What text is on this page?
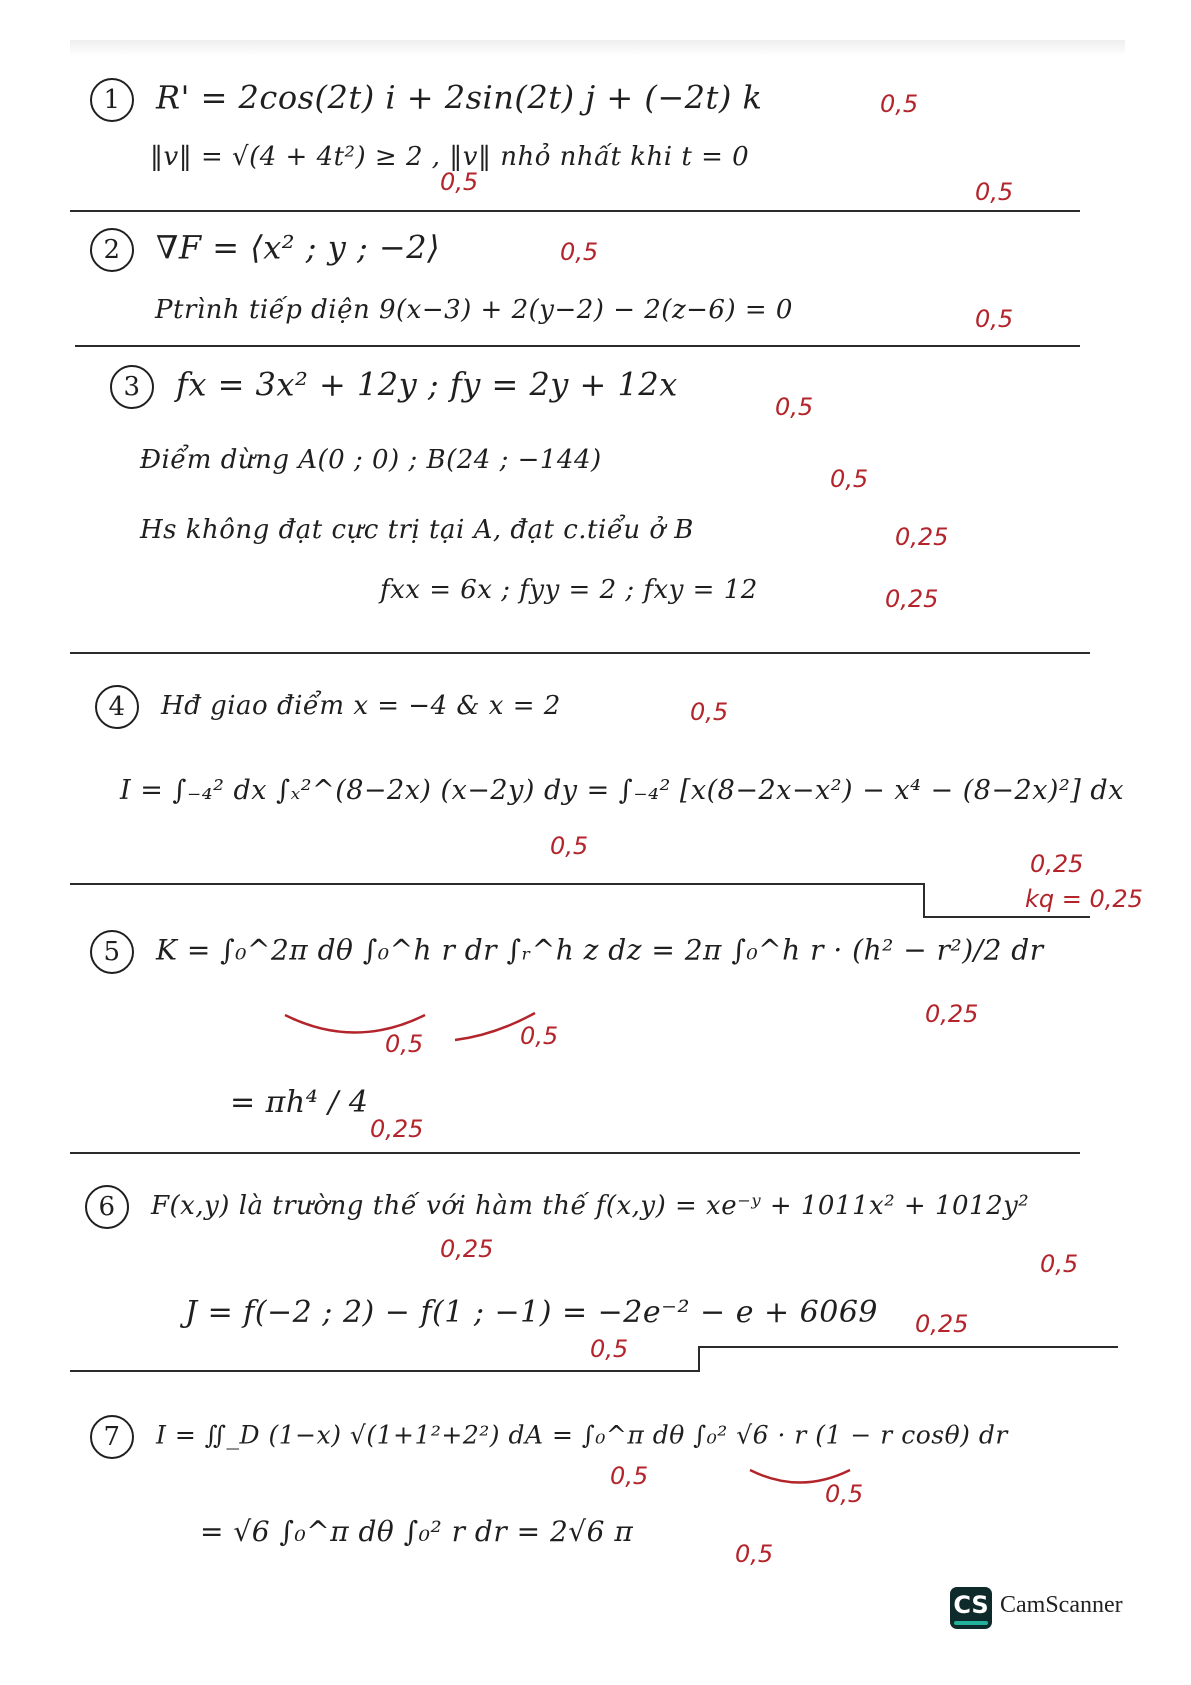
1 R' = 2cos(2t) i + 2sin(2t) j + (−2t) k	0,5
‖v‖ = √(4 + 4t²) ≥ 2 , ‖v‖ nhỏ nhất khi t = 0
0,5	0,5
2 ∇F = ⟨x² ; y ; −2⟩	0,5
Ptrình tiếp diện 9(x−3) + 2(y−2) − 2(z−6) = 0	0,5
3 fx = 3x² + 12y ; fy = 2y + 12x
0,5
Điểm dừng A(0 ; 0) ; B(24 ; −144)
0,5
Hs không đạt cực trị tại A, đạt c.tiểu ở B	0,25
fxx = 6x ; fyy = 2 ; fxy = 12	0,25
4 Hđ giao điểm x = −4 & x = 2	0,5
I = ∫₋₄² dx ∫ₓ²^(8−2x) (x−2y) dy = ∫₋₄² [x(8−2x−x²) − x⁴ − (8−2x)²] dx
0,5
0,25
kq = 0,25
5 K = ∫₀^2π dθ ∫₀^h r dr ∫ᵣ^h z dz = 2π ∫₀^h r · (h² − r²)/2 dr
0,5	0,5
0,25
= πh⁴ / 4
0,25
6 F(x,y) là trường thế với hàm thế f(x,y) = xe⁻ʸ + 1011x² + 1012y²
0,25
0,5
J = f(−2 ; 2) − f(1 ; −1) = −2e⁻² − e + 6069
0,5
0,25
7 I = ∬_D (1−x) √(1+1²+2²) dA = ∫₀^π dθ ∫₀² √6 · r (1 − r cosθ) dr
0,5
0,5
= √6 ∫₀^π dθ ∫₀² r dr = 2√6 π
0,5
CS CamScanner
